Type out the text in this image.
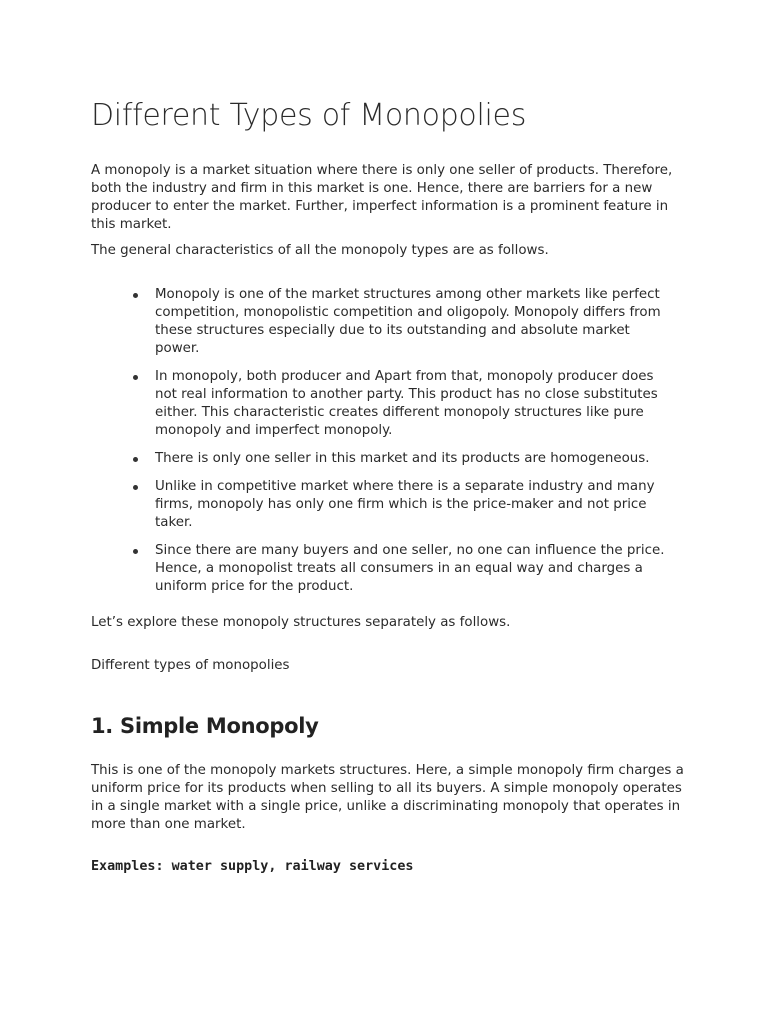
Different Types of Monopolies

A monopoly is a market situation where there is only one seller of products. Therefore, both the industry and firm in this market is one. Hence, there are barriers for a new producer to enter the market. Further, imperfect information is a prominent feature in this market.

The general characteristics of all the monopoly types are as follows.

Monopoly is one of the market structures among other markets like perfect competition, monopolistic competition and oligopoly. Monopoly differs from these structures especially due to its outstanding and absolute market power.
In monopoly, both producer and Apart from that, monopoly producer does not real information to another party. This product has no close substitutes either. This characteristic creates different monopoly structures like pure monopoly and imperfect monopoly.
There is only one seller in this market and its products are homogeneous.
Unlike in competitive market where there is a separate industry and many firms, monopoly has only one firm which is the price-maker and not price taker.
Since there are many buyers and one seller, no one can influence the price. Hence, a monopolist treats all consumers in an equal way and charges a uniform price for the product.

Let’s explore these monopoly structures separately as follows.

Different types of monopolies

1. Simple Monopoly

This is one of the monopoly markets structures. Here, a simple monopoly firm charges a uniform price for its products when selling to all its buyers. A simple monopoly operates in a single market with a single price, unlike a discriminating monopoly that operates in more than one market.

Examples: water supply, railway services
